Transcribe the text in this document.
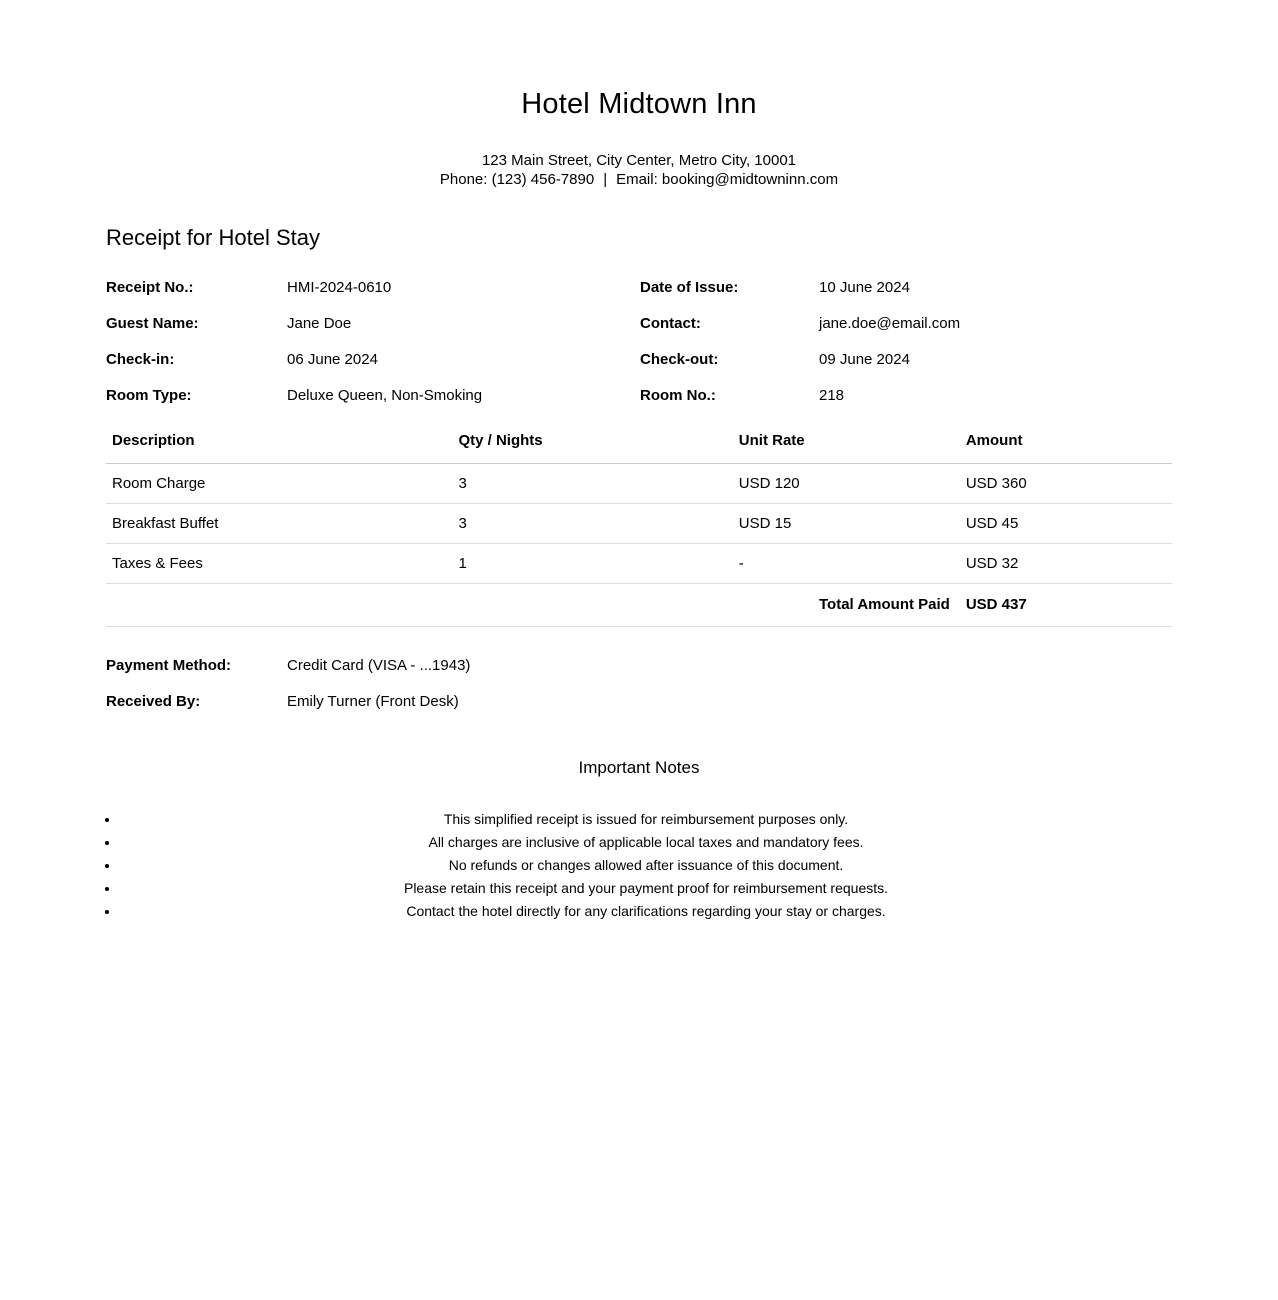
Hotel Midtown Inn
123 Main Street, City Center, Metro City, 10001
Phone: (123) 456-7890 | Email: booking@midtowninn.com
Receipt for Hotel Stay
Receipt No.:	HMI-2024-0610	Date of Issue:	10 June 2024
Guest Name:	Jane Doe	Contact:	jane.doe@email.com
Check-in:	06 June 2024	Check-out:	09 June 2024
Room Type:	Deluxe Queen, Non-Smoking	Room No.:	218
Description	Qty / Nights	Unit Rate	Amount
Room Charge	3	USD 120	USD 360
Breakfast Buffet	3	USD 15	USD 45
Taxes & Fees	1	-	USD 32
Total Amount Paid			USD 437
Payment Method:	Credit Card (VISA - ...1943)
Received By:	Emily Turner (Front Desk)
Important Notes
• This simplified receipt is issued for reimbursement purposes only.
• All charges are inclusive of applicable local taxes and mandatory fees.
• No refunds or changes allowed after issuance of this document.
• Please retain this receipt and your payment proof for reimbursement requests.
• Contact the hotel directly for any clarifications regarding your stay or charges.
